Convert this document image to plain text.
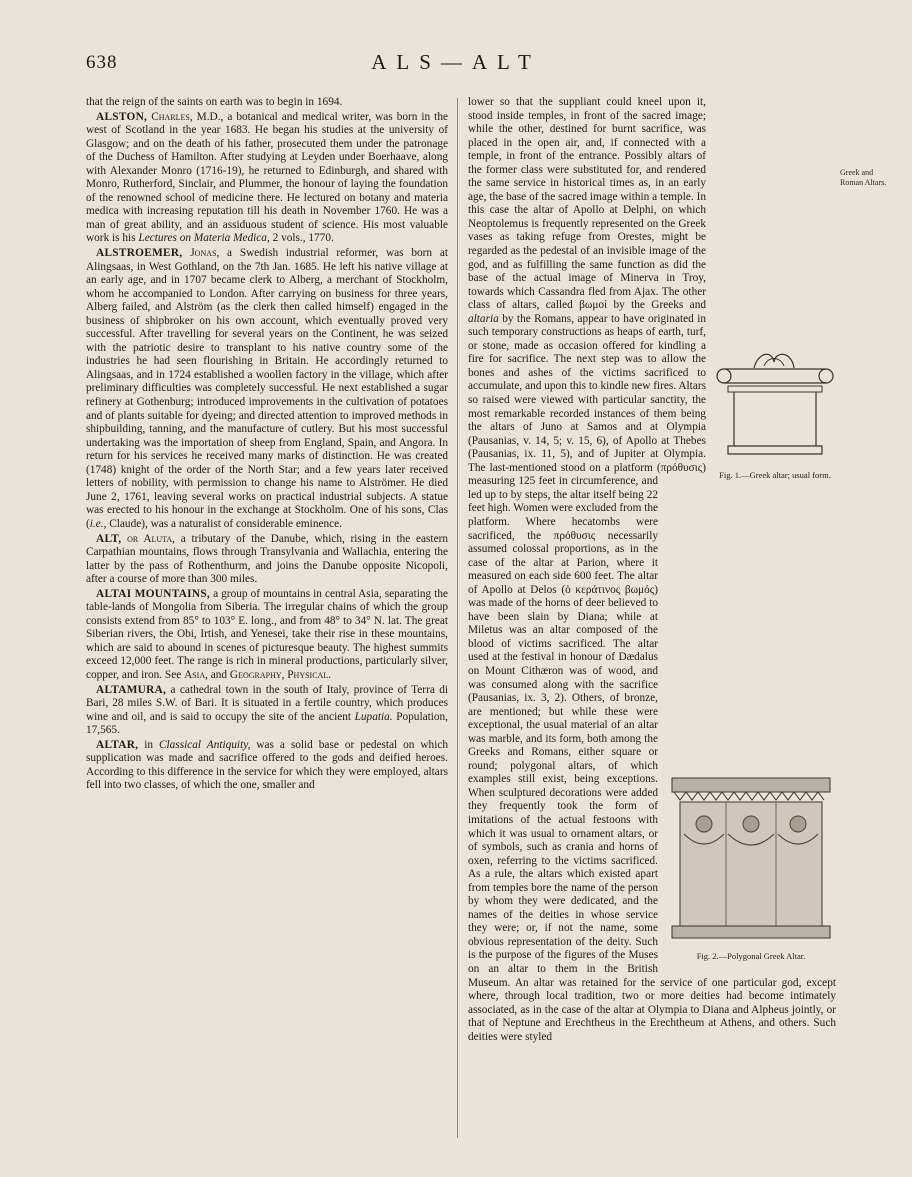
638	ALS—ALT

that the reign of the saints on earth was to begin in 1694.

ALSTON, Charles, M.D., a botanical and medical writer, was born in the west of Scotland in the year 1683. He began his studies at the university of Glasgow; and on the death of his father, prosecuted them under the patronage of the Duchess of Hamilton. After studying at Leyden under Boerhaave, along with Alexander Monro (1716-19), he returned to Edinburgh, and shared with Monro, Rutherford, Sinclair, and Plummer, the honour of laying the foundation of the renowned school of medicine there. He lectured on botany and materia medica with increasing reputation till his death in November 1760. He was a man of great ability, and an assiduous student of science. His most valuable work is his Lectures on Materia Medica, 2 vols., 1770.

ALSTROEMER, Jonas, a Swedish industrial reformer, was born at Alingsaas, in West Gothland, on the 7th Jan. 1685. He left his native village at an early age, and in 1707 became clerk to Alberg, a merchant of Stockholm, whom he accompanied to London. After carrying on business for three years, Alberg failed, and Alström (as the clerk then called himself) engaged in the business of shipbroker on his own account, which eventually proved very successful. After travelling for several years on the Continent, he was seized with the patriotic desire to transplant to his native country some of the industries he had seen flourishing in Britain. He accordingly returned to Alingsaas, and in 1724 established a woollen factory in the village, which after preliminary difficulties was completely successful. He next established a sugar refinery at Gothenburg; introduced improvements in the cultivation of potatoes and of plants suitable for dyeing; and directed attention to improved methods in shipbuilding, tanning, and the manufacture of cutlery. But his most successful undertaking was the importation of sheep from England, Spain, and Angora. In return for his services he received many marks of distinction. He was created (1748) knight of the order of the North Star; and a few years later received letters of nobility, with permission to change his name to Alströmer. He died June 2, 1761, leaving several works on practical industrial subjects. A statue was erected to his honour in the exchange at Stockholm. One of his sons, Clas (i.e., Claude), was a naturalist of considerable eminence.

ALT, or Aluta, a tributary of the Danube, which, rising in the eastern Carpathian mountains, flows through Transylvania and Wallachia, entering the latter by the pass of Rothenthurm, and joins the Danube opposite Nicopoli, after a course of more than 300 miles.

ALTAI MOUNTAINS, a group of mountains in central Asia, separating the table-lands of Mongolia from Siberia. The irregular chains of which the group consists extend from 85° to 103° E. long., and from 48° to 34° N. lat. The great Siberian rivers, the Obi, Irtish, and Yenesei, take their rise in these mountains, which are said to abound in scenes of picturesque beauty. The highest summits exceed 12,000 feet. The range is rich in mineral productions, particularly silver, copper, and iron. See Asia, and Geography, Physical.

ALTAMURA, a cathedral town in the south of Italy, province of Terra di Bari, 28 miles S.W. of Bari. It is situated in a fertile country, which produces wine and oil, and is said to occupy the site of the ancient Lupatia. Population, 17,565.

ALTAR, in Classical Antiquity, was a solid base or pedestal on which supplication was made and sacrifice offered to the gods and deified heroes. According to this difference in the service for which they were employed, altars fell into two classes, of which the one, smaller and

Fig. 1.—Greek altar; usual form.
Fig. 2.—Polygonal Greek Altar.

lower so that the suppliant could kneel upon it, stood inside temples, in front of the sacred image; while the other, destined for burnt sacrifice, was placed in the open air, and, if connected with a temple, in front of the entrance. Possibly altars of the former class were substituted for, and rendered the same service in historical times as, in an early age, the base of the sacred image within a temple. In this case the altar of Apollo at Delphi, on which Neoptolemus is frequently represented on the Greek vases as taking refuge from Orestes, might be regarded as the pedestal of an invisible image of the god, and as fulfilling the same function as did the base of the actual image of Minerva in Troy, towards which Cassandra fled from Ajax. The other class of altars, called βωμοί by the Greeks and altaria by the Romans, appear to have originated in such temporary constructions as heaps of earth, turf, or stone, made as occasion offered for kindling a fire for sacrifice. The next step was to allow the bones and ashes of the victims sacrificed to accumulate, and upon this to kindle new fires. Altars so raised were viewed with particular sanctity, the most remarkable recorded instances of them being the altars of Juno at Samos and at Olympia (Pausanias, v. 14, 5; v. 15, 6), of Apollo at Thebes (Pausanias, ix. 11, 5), and of Jupiter at Olympia. The last-mentioned stood on a platform (πρόθυσις) measuring 125 feet in circumference, and led up to by steps, the altar itself being 22 feet high. Women were excluded from the platform. Where hecatombs were sacrificed, the πρόθυσις necessarily assumed colossal proportions, as in the case of the altar at Parion, where it measured on each side 600 feet. The altar of Apollo at Delos (ὁ κεράτινος βωμός) was made of the horns of deer believed to have been slain by Diana; while at Miletus was an altar composed of the blood of victims sacrificed. The altar used at the festival in honour of Dædalus on Mount Cithæron was of wood, and was consumed along with the sacrifice (Pausanias, ix. 3, 2). Others, of bronze, are mentioned; but while these were exceptional, the usual material of an altar was marble, and its form, both among the Greeks and Romans, either square or round; polygonal altars, of which examples still exist, being exceptions. When sculptured decorations were added they frequently took the form of imitations of the actual festoons with which it was usual to ornament altars, or of symbols, such as crania and horns of oxen, referring to the victims sacrificed. As a rule, the altars which existed apart from temples bore the name of the person by whom they were dedicated, and the names of the deities in whose service they were; or, if not the name, some obvious representation of the deity. Such is the purpose of the figures of the Muses on an altar to them in the British Museum. An altar was retained for the service of one particular god, except where, through local tradition, two or more deities had become intimately associated, as in the case of the altar at Olympia to Diana and Alpheus jointly, or that of Neptune and Erechtheus in the Erechtheum at Athens, and others. Such deities were styled

Greek and Roman Altars.
